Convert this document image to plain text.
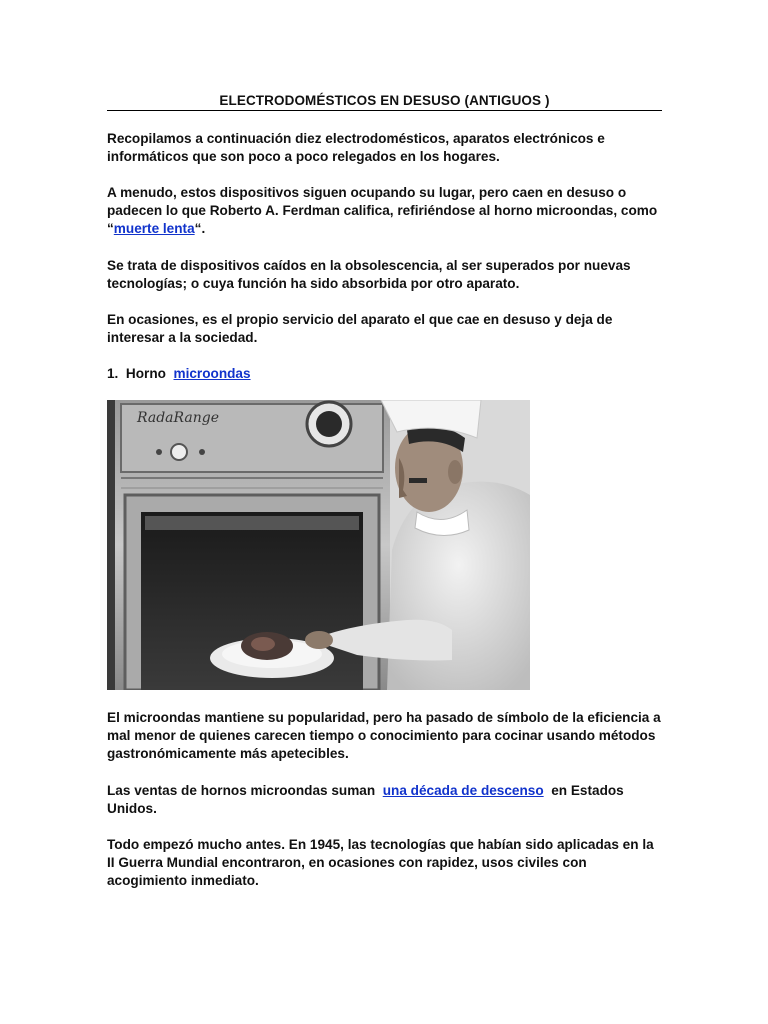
ELECTRODOMÉSTICOS EN DESUSO (ANTIGUOS )

Recopilamos a continuación diez electrodomésticos, aparatos electrónicos e informáticos que son poco a poco relegados en los hogares.

A menudo, estos dispositivos siguen ocupando su lugar, pero caen en desuso o padecen lo que Roberto A. Ferdman califica, refiriéndose al horno microondas, como “muerte lenta“.

Se trata de dispositivos caídos en la obsolescencia, al ser superados por nuevas tecnologías; o cuya función ha sido absorbida por otro aparato.

En ocasiones, es el propio servicio del aparato el que cae en desuso y deja de interesar a la sociedad.

1. Horno microondas
RadaRange

El microondas mantiene su popularidad, pero ha pasado de símbolo de la eficiencia a mal menor de quienes carecen tiempo o conocimiento para cocinar usando métodos gastronómicamente más apetecibles.

Las ventas de hornos microondas suman una década de descenso en Estados Unidos.

Todo empezó mucho antes. En 1945, las tecnologías que habían sido aplicadas en la II Guerra Mundial encontraron, en ocasiones con rapidez, usos civiles con acogimiento inmediato.
